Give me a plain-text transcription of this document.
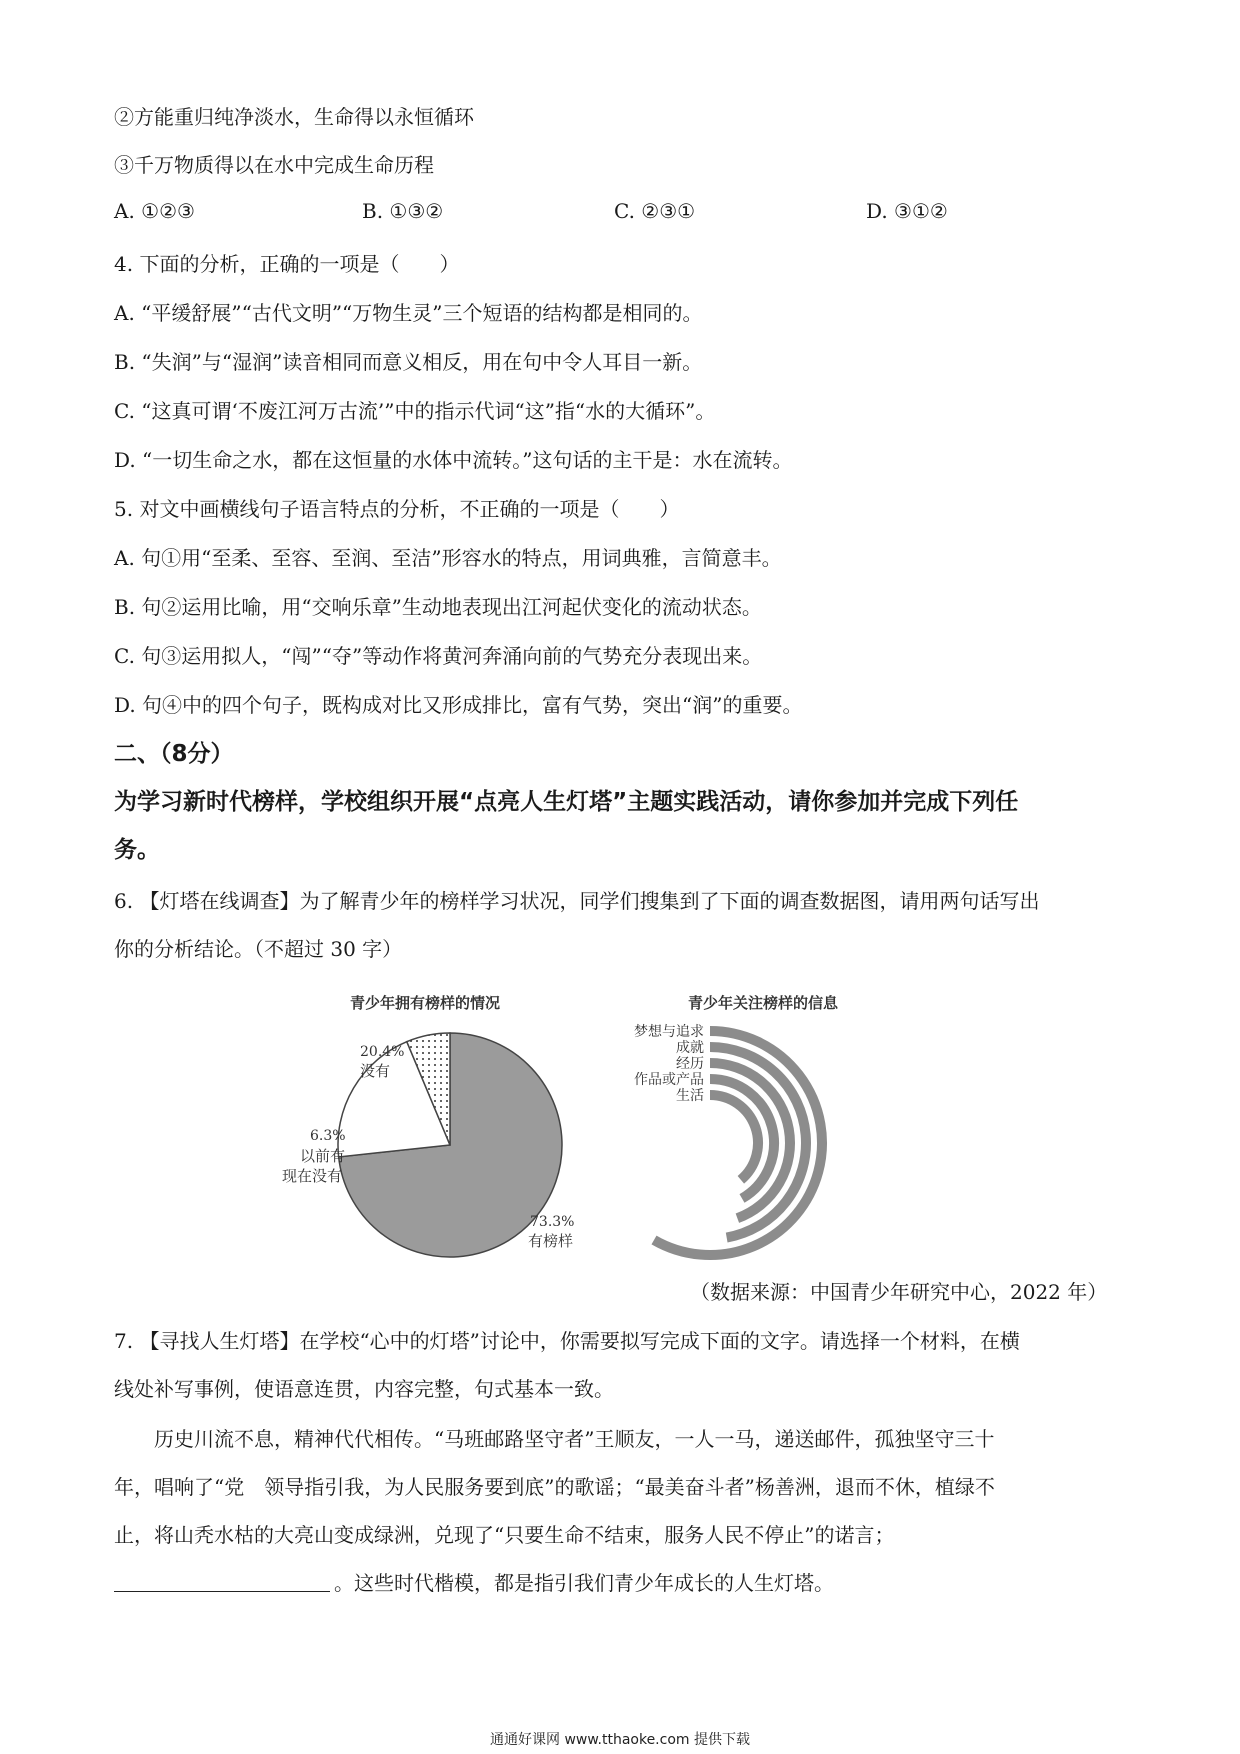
②方能重归纯净淡水，生命得以永恒循环
③千万物质得以在水中完成生命历程
A. ①②③	B. ①③②	C. ②③①	D. ③①②
4. 下面的分析，正确的一项是（　　）
A. “平缓舒展”“古代文明”“万物生灵”三个短语的结构都是相同的。
B. “失润”与“湿润”读音相同而意义相反，用在句中令人耳目一新。
C. “这真可谓‘不废江河万古流’”中的指示代词“这”指“水的大循环”。
D. “一切生命之水，都在这恒量的水体中流转。”这句话的主干是：水在流转。
5. 对文中画横线句子语言特点的分析，不正确的一项是（　　）
A. 句①用“至柔、至容、至润、至洁”形容水的特点，用词典雅，言简意丰。
B. 句②运用比喻，用“交响乐章”生动地表现出江河起伏变化的流动状态。
C. 句③运用拟人，“闯”“夺”等动作将黄河奔涌向前的气势充分表现出来。
D. 句④中的四个句子，既构成对比又形成排比，富有气势，突出“润”的重要。
二、（8分）
为学习新时代榜样，学校组织开展“点亮人生灯塔”主题实践活动，请你参加并完成下列任
务。
6. 【灯塔在线调查】为了解青少年的榜样学习状况，同学们搜集到了下面的调查数据图，请用两句话写出
你的分析结论。（不超过 30 字）
青少年拥有榜样的情况
20.4%
没有
6.3%
以前有
现在没有
73.3%
有榜样
青少年关注榜样的信息
梦想与追求
成就
经历
作品或产品
生活
（数据来源：中国青少年研究中心，2022 年）
7. 【寻找人生灯塔】在学校“心中的灯塔”讨论中，你需要拟写完成下面的文字。请选择一个材料，在横
线处补写事例，使语意连贯，内容完整，句式基本一致。
历史川流不息，精神代代相传。“马班邮路坚守者”王顺友，一人一马，递送邮件，孤独坚守三十
年，唱响了“党　领导指引我，为人民服务要到底”的歌谣；“最美奋斗者”杨善洲，退而不休，植绿不
止，将山秃水枯的大亮山变成绿洲，兑现了“只要生命不结束，服务人民不停止”的诺言；
。这些时代楷模，都是指引我们青少年成长的人生灯塔。
通通好课网 www.tthaoke.com 提供下载
